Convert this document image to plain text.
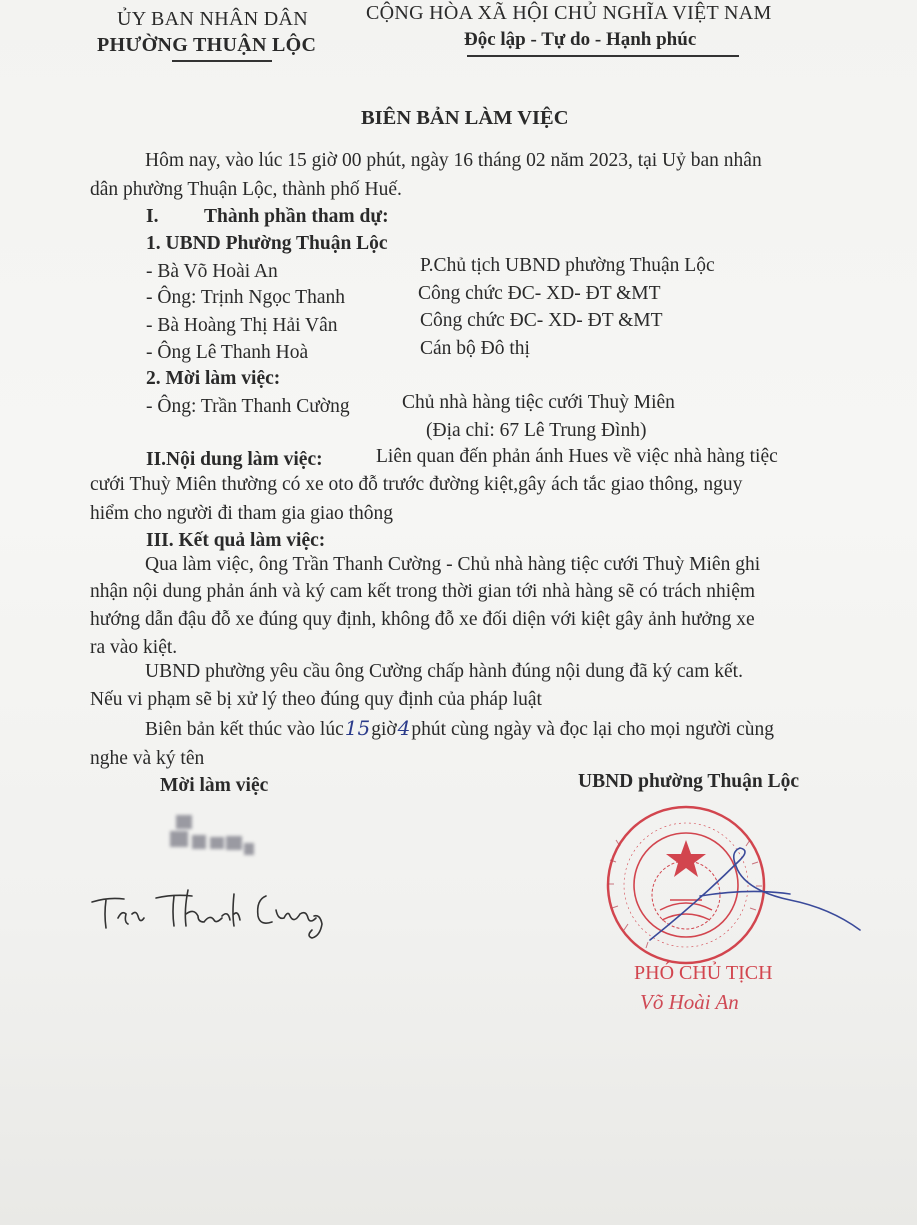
ỦY BAN NHÂN DÂN
PHƯỜNG THUẬN LỘC
CỘNG HÒA XÃ HỘI CHỦ NGHĨA VIỆT NAM
Độc lập - Tự do - Hạnh phúc
BIÊN BẢN LÀM VIỆC
Hôm nay, vào lúc 15 giờ 00 phút, ngày 16 tháng 02 năm 2023, tại Uỷ ban nhân
dân phường Thuận Lộc, thành phố Huế.
I. Thành phần tham dự:
1. UBND Phường Thuận Lộc
- Bà Võ Hoài An	P.Chủ tịch UBND phường Thuận Lộc
- Ông: Trịnh Ngọc Thanh	Công chức ĐC- XD- ĐT &MT
- Bà Hoàng Thị Hải Vân	Công chức ĐC- XD- ĐT &MT
- Ông Lê Thanh Hoà	Cán bộ Đô thị
2. Mời làm việc:
- Ông: Trần Thanh Cường	Chủ nhà hàng tiệc cưới Thuỳ Miên
(Địa chỉ: 67 Lê Trung Đình)
II.Nội dung làm việc:	Liên quan đến phản ánh Hues về việc nhà hàng tiệc
cưới Thuỳ Miên thường có xe oto đỗ trước đường kiệt,gây ách tắc giao thông, nguy
hiểm cho người đi tham gia giao thông
III. Kết quả làm việc:
Qua làm việc, ông Trần Thanh Cường - Chủ nhà hàng tiệc cưới Thuỳ Miên ghi
nhận nội dung phản ánh và ký cam kết trong thời gian tới nhà hàng sẽ có trách nhiệm
hướng dẫn đậu đỗ xe đúng quy định, không đỗ xe đối diện với kiệt gây ảnh hưởng xe
ra vào kiệt.
UBND phường yêu cầu ông Cường chấp hành đúng nội dung đã ký cam kết.
Nếu vi phạm sẽ bị xử lý theo đúng quy định của pháp luật
Biên bản kết thúc vào lúc15giờ4phút cùng ngày và đọc lại cho mọi người cùng
nghe và ký tên
Mời làm việc	UBND phường Thuận Lộc
PHÓ CHỦ TỊCH
Võ Hoài An
